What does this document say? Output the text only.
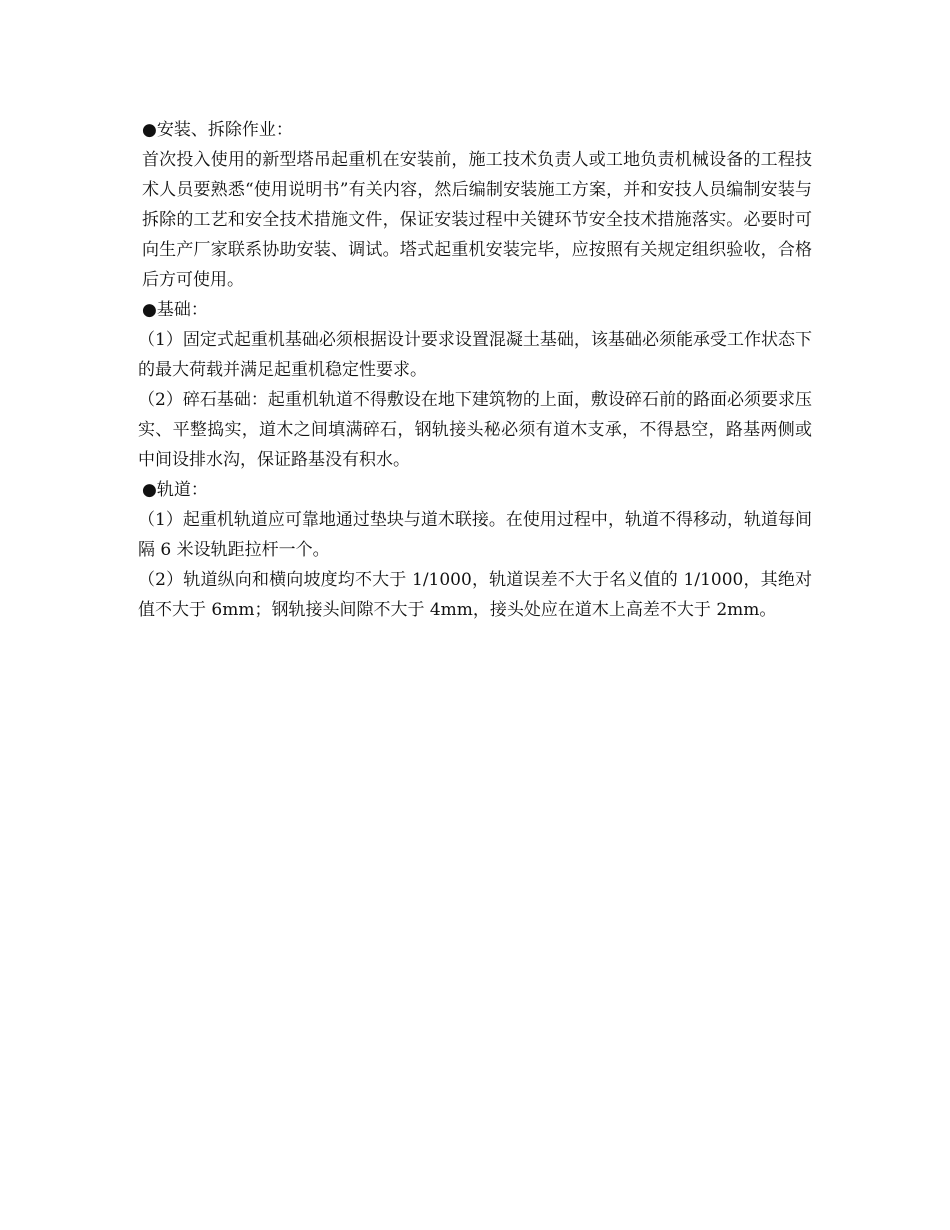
●安装、拆除作业：

首次投入使用的新型塔吊起重机在安装前，施工技术负责人或工地负责机械设备的工程技术人员要熟悉“使用说明书”有关内容，然后编制安装施工方案，并和安技人员编制安装与拆除的工艺和安全技术措施文件，保证安装过程中关键环节安全技术措施落实。必要时可向生产厂家联系协助安装、调试。塔式起重机安装完毕，应按照有关规定组织验收，合格后方可使用。

●基础：

（1）固定式起重机基础必须根据设计要求设置混凝土基础，该基础必须能承受工作状态下的最大荷载并满足起重机稳定性要求。

（2）碎石基础：起重机轨道不得敷设在地下建筑物的上面，敷设碎石前的路面必须要求压实、平整捣实，道木之间填满碎石，钢轨接头秘必须有道木支承，不得悬空，路基两侧或中间设排水沟，保证路基没有积水。

●轨道：

（1）起重机轨道应可靠地通过垫块与道木联接。在使用过程中，轨道不得移动，轨道每间隔 6 米设轨距拉杆一个。

（2）轨道纵向和横向坡度均不大于 1/1000，轨道误差不大于名义值的 1/1000，其绝对值不大于 6mm；钢轨接头间隙不大于 4mm，接头处应在道木上高差不大于 2mm。
